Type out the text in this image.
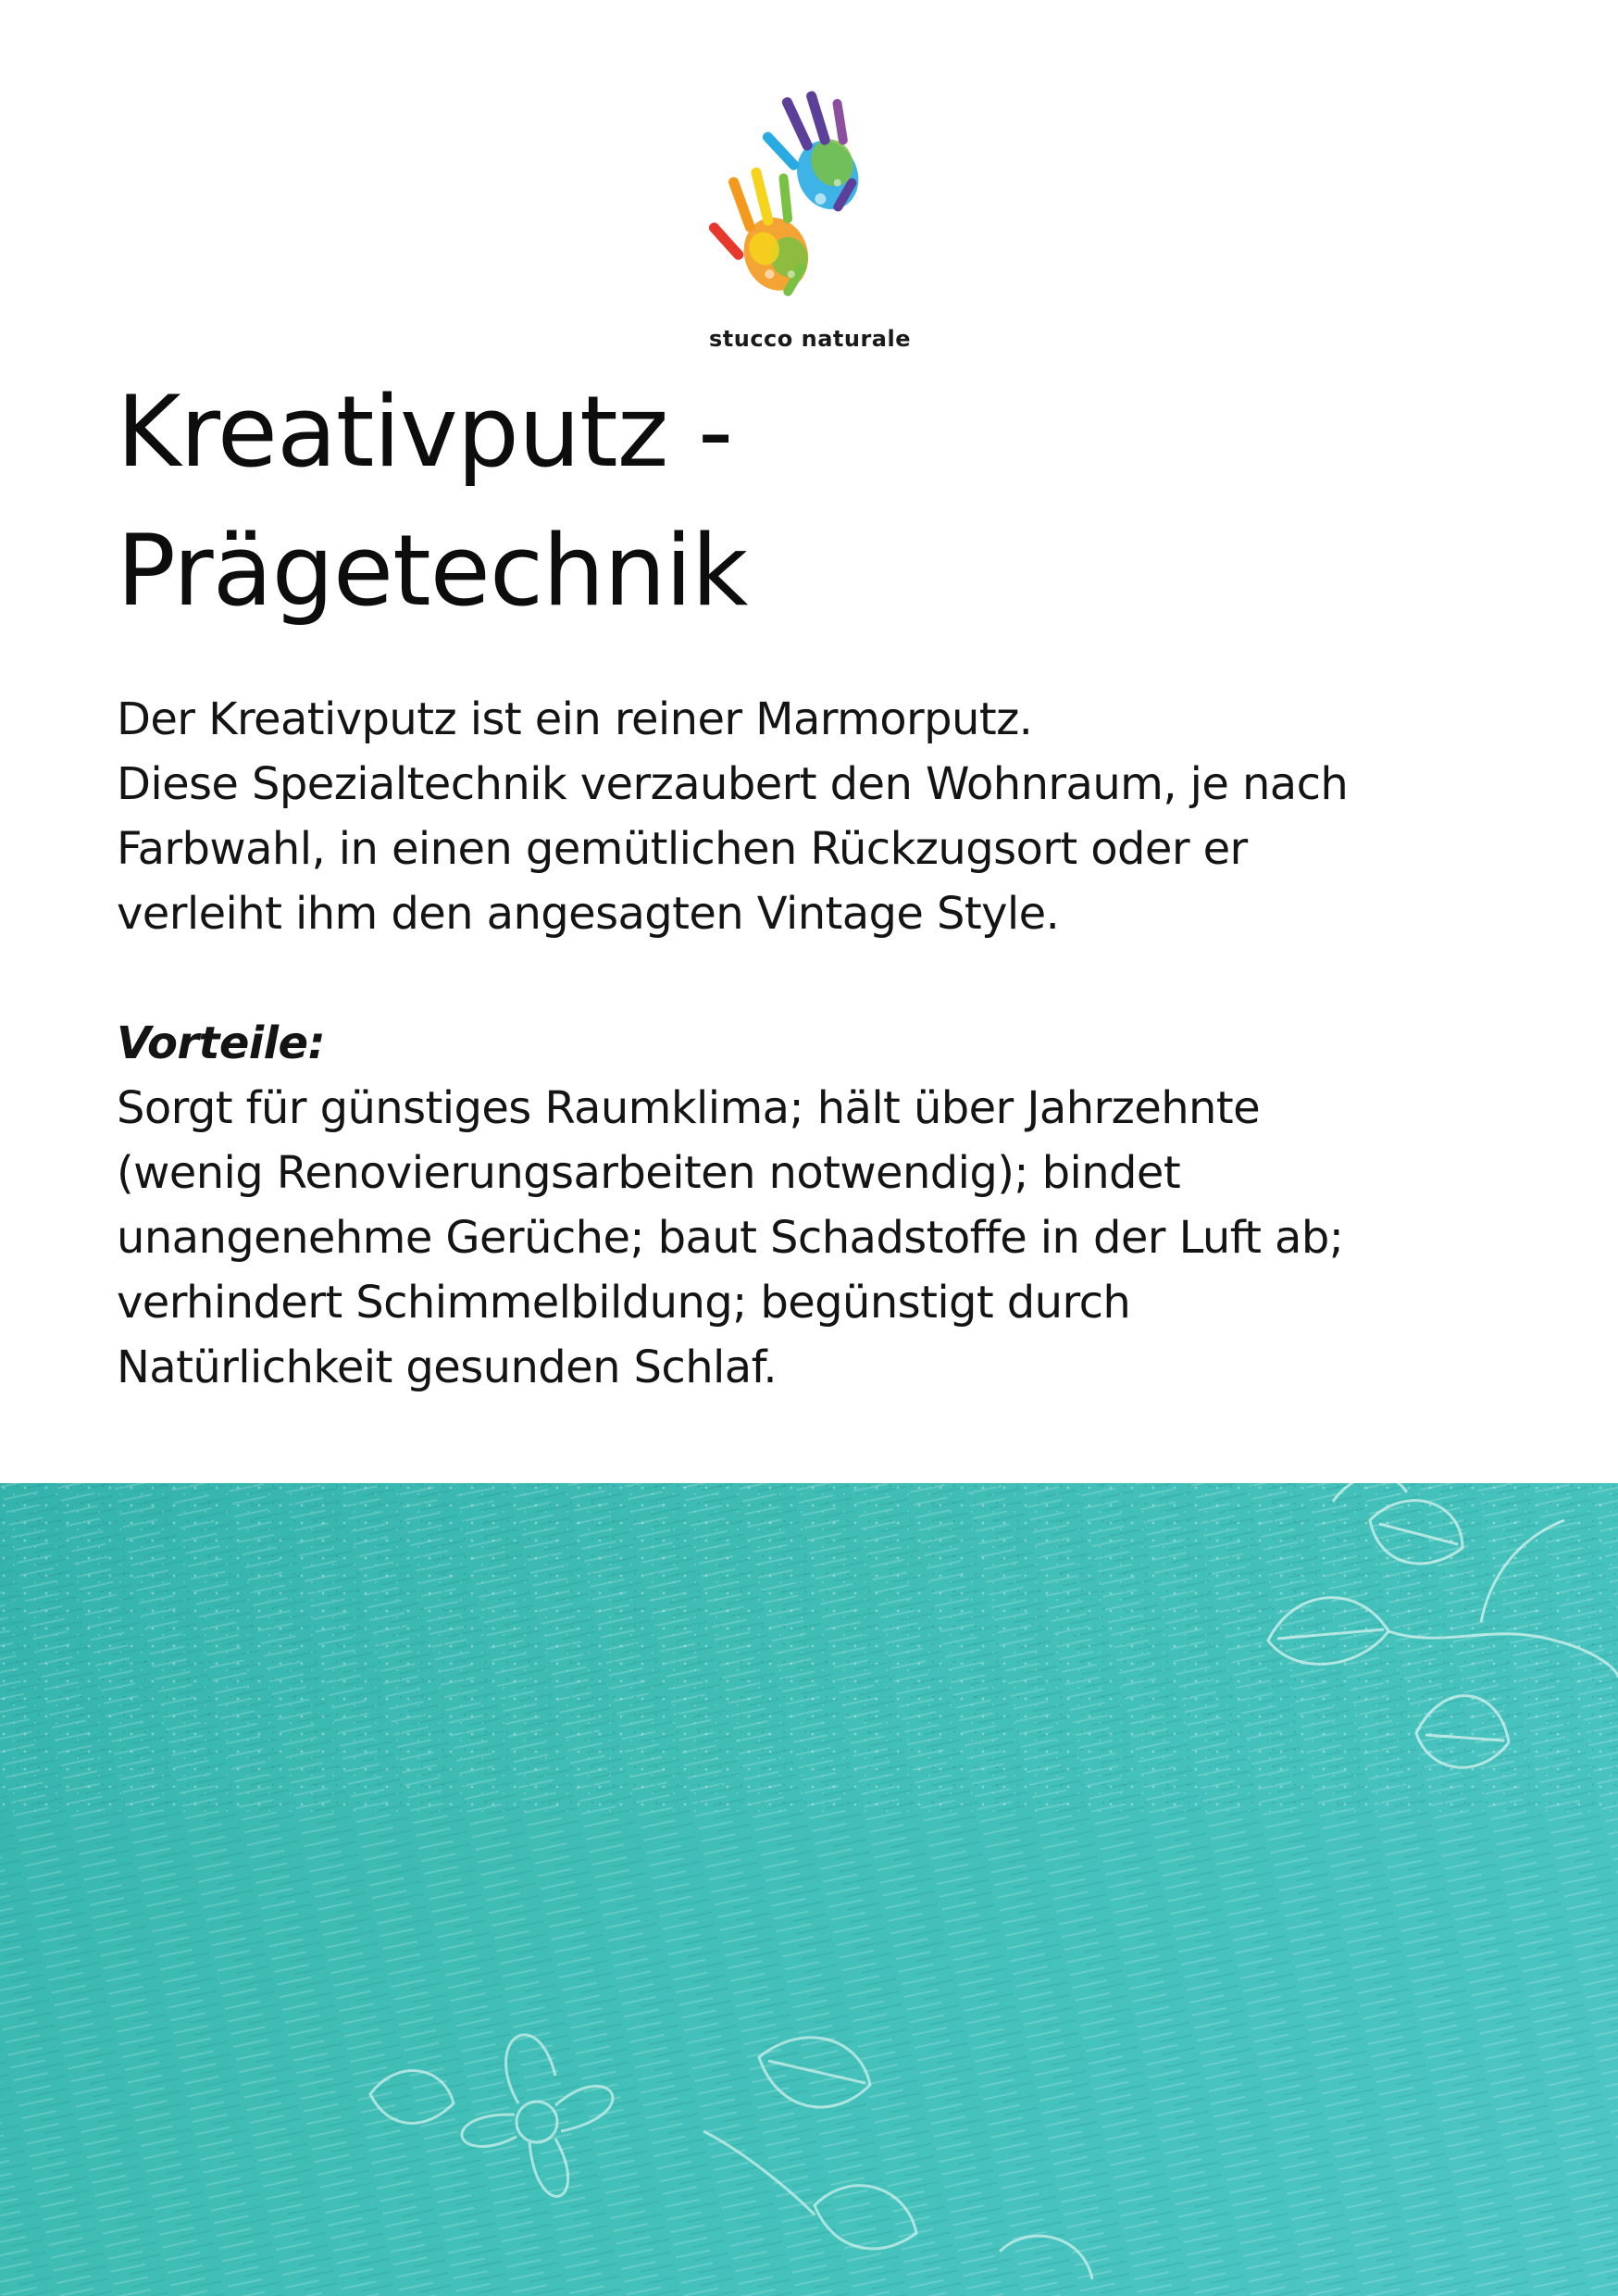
stucco naturale
Kreativputz -
Prägetechnik
Der Kreativputz ist ein reiner Marmorputz.
Diese Spezialtechnik verzaubert den Wohnraum, je nach
Farbwahl, in einen gemütlichen Rückzugsort oder er
verleiht ihm den angesagten Vintage Style.
Vorteile:
Sorgt für günstiges Raumklima; hält über Jahrzehnte
(wenig Renovierungsarbeiten notwendig); bindet
unangenehme Gerüche; baut Schadstoffe in der Luft ab;
verhindert Schimmelbildung; begünstigt durch
Natürlichkeit gesunden Schlaf.
